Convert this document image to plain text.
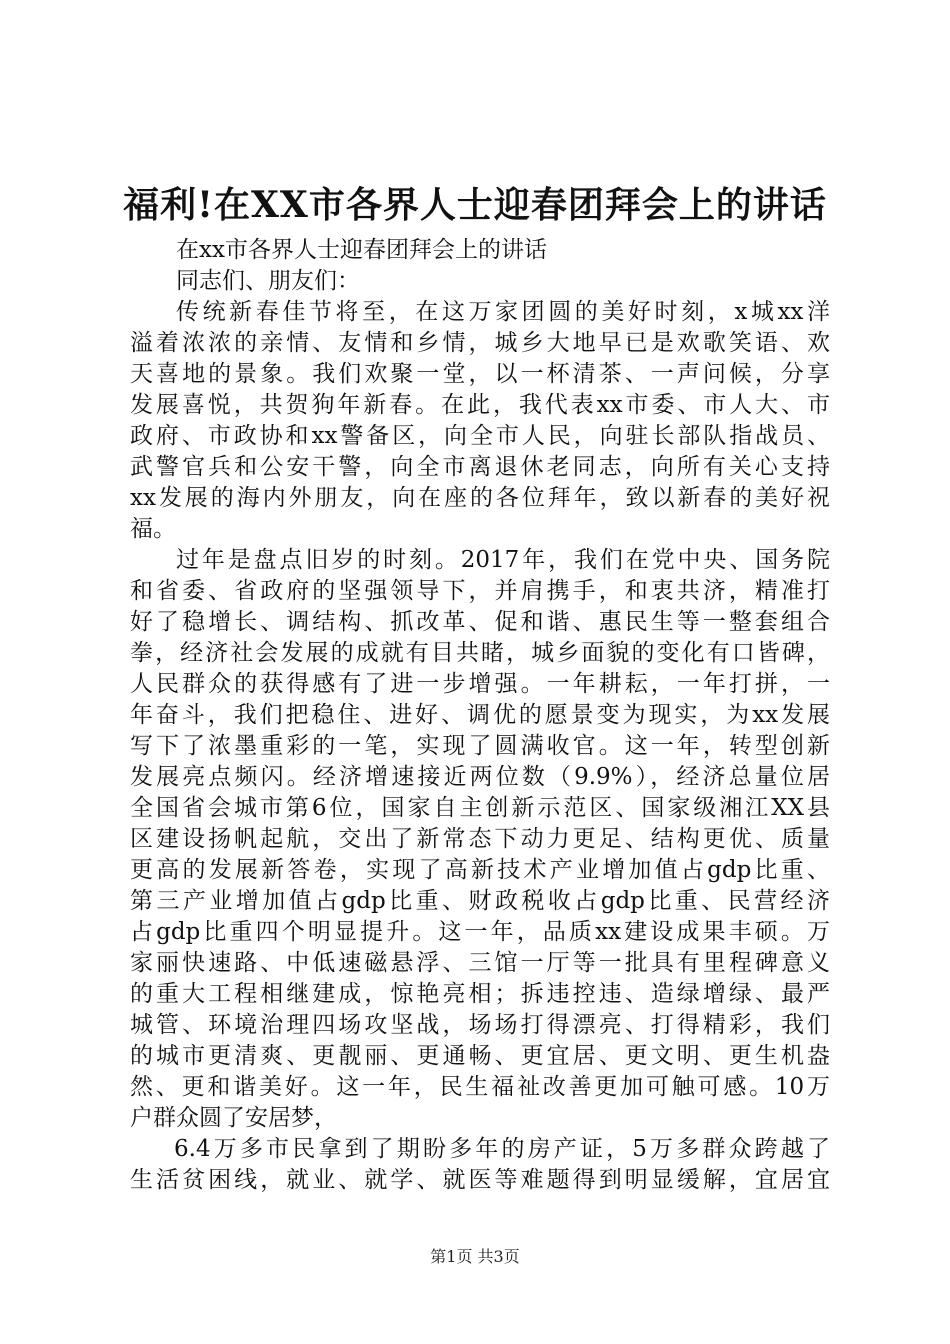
福利!在XX市各界人士迎春团拜会上的讲话
在xx市各界人士迎春团拜会上的讲话
同志们、朋友们：
传统新春佳节将至，在这万家团圆的美好时刻，x城xx洋
溢着浓浓的亲情、友情和乡情，城乡大地早已是欢歌笑语、欢
天喜地的景象。我们欢聚一堂，以一杯清茶、一声问候，分享
发展喜悦，共贺狗年新春。在此，我代表xx市委、市人大、市
政府、市政协和xx警备区，向全市人民，向驻长部队指战员、
武警官兵和公安干警，向全市离退休老同志，向所有关心支持
xx发展的海内外朋友，向在座的各位拜年，致以新春的美好祝
福。
过年是盘点旧岁的时刻。2017年，我们在党中央、国务院
和省委、省政府的坚强领导下，并肩携手，和衷共济，精准打
好了稳增长、调结构、抓改革、促和谐、惠民生等一整套组合
拳，经济社会发展的成就有目共睹，城乡面貌的变化有口皆碑，
人民群众的获得感有了进一步增强。一年耕耘，一年打拼，一
年奋斗，我们把稳住、进好、调优的愿景变为现实，为xx发展
写下了浓墨重彩的一笔，实现了圆满收官。这一年，转型创新
发展亮点频闪。经济增速接近两位数（9.9%），经济总量位居
全国省会城市第6位，国家自主创新示范区、国家级湘江XX县
区建设扬帆起航，交出了新常态下动力更足、结构更优、质量
更高的发展新答卷，实现了高新技术产业增加值占gdp比重、
第三产业增加值占gdp比重、财政税收占gdp比重、民营经济
占gdp比重四个明显提升。这一年，品质xx建设成果丰硕。万
家丽快速路、中低速磁悬浮、三馆一厅等一批具有里程碑意义
的重大工程相继建成，惊艳亮相；拆违控违、造绿增绿、最严
城管、环境治理四场攻坚战，场场打得漂亮、打得精彩，我们
的城市更清爽、更靓丽、更通畅、更宜居、更文明、更生机盎
然、更和谐美好。这一年，民生福祉改善更加可触可感。10万
户群众圆了安居梦，
6.4万多市民拿到了期盼多年的房产证，5万多群众跨越了
生活贫困线，就业、就学、就医等难题得到明显缓解，宜居宜
第1页 共3页
